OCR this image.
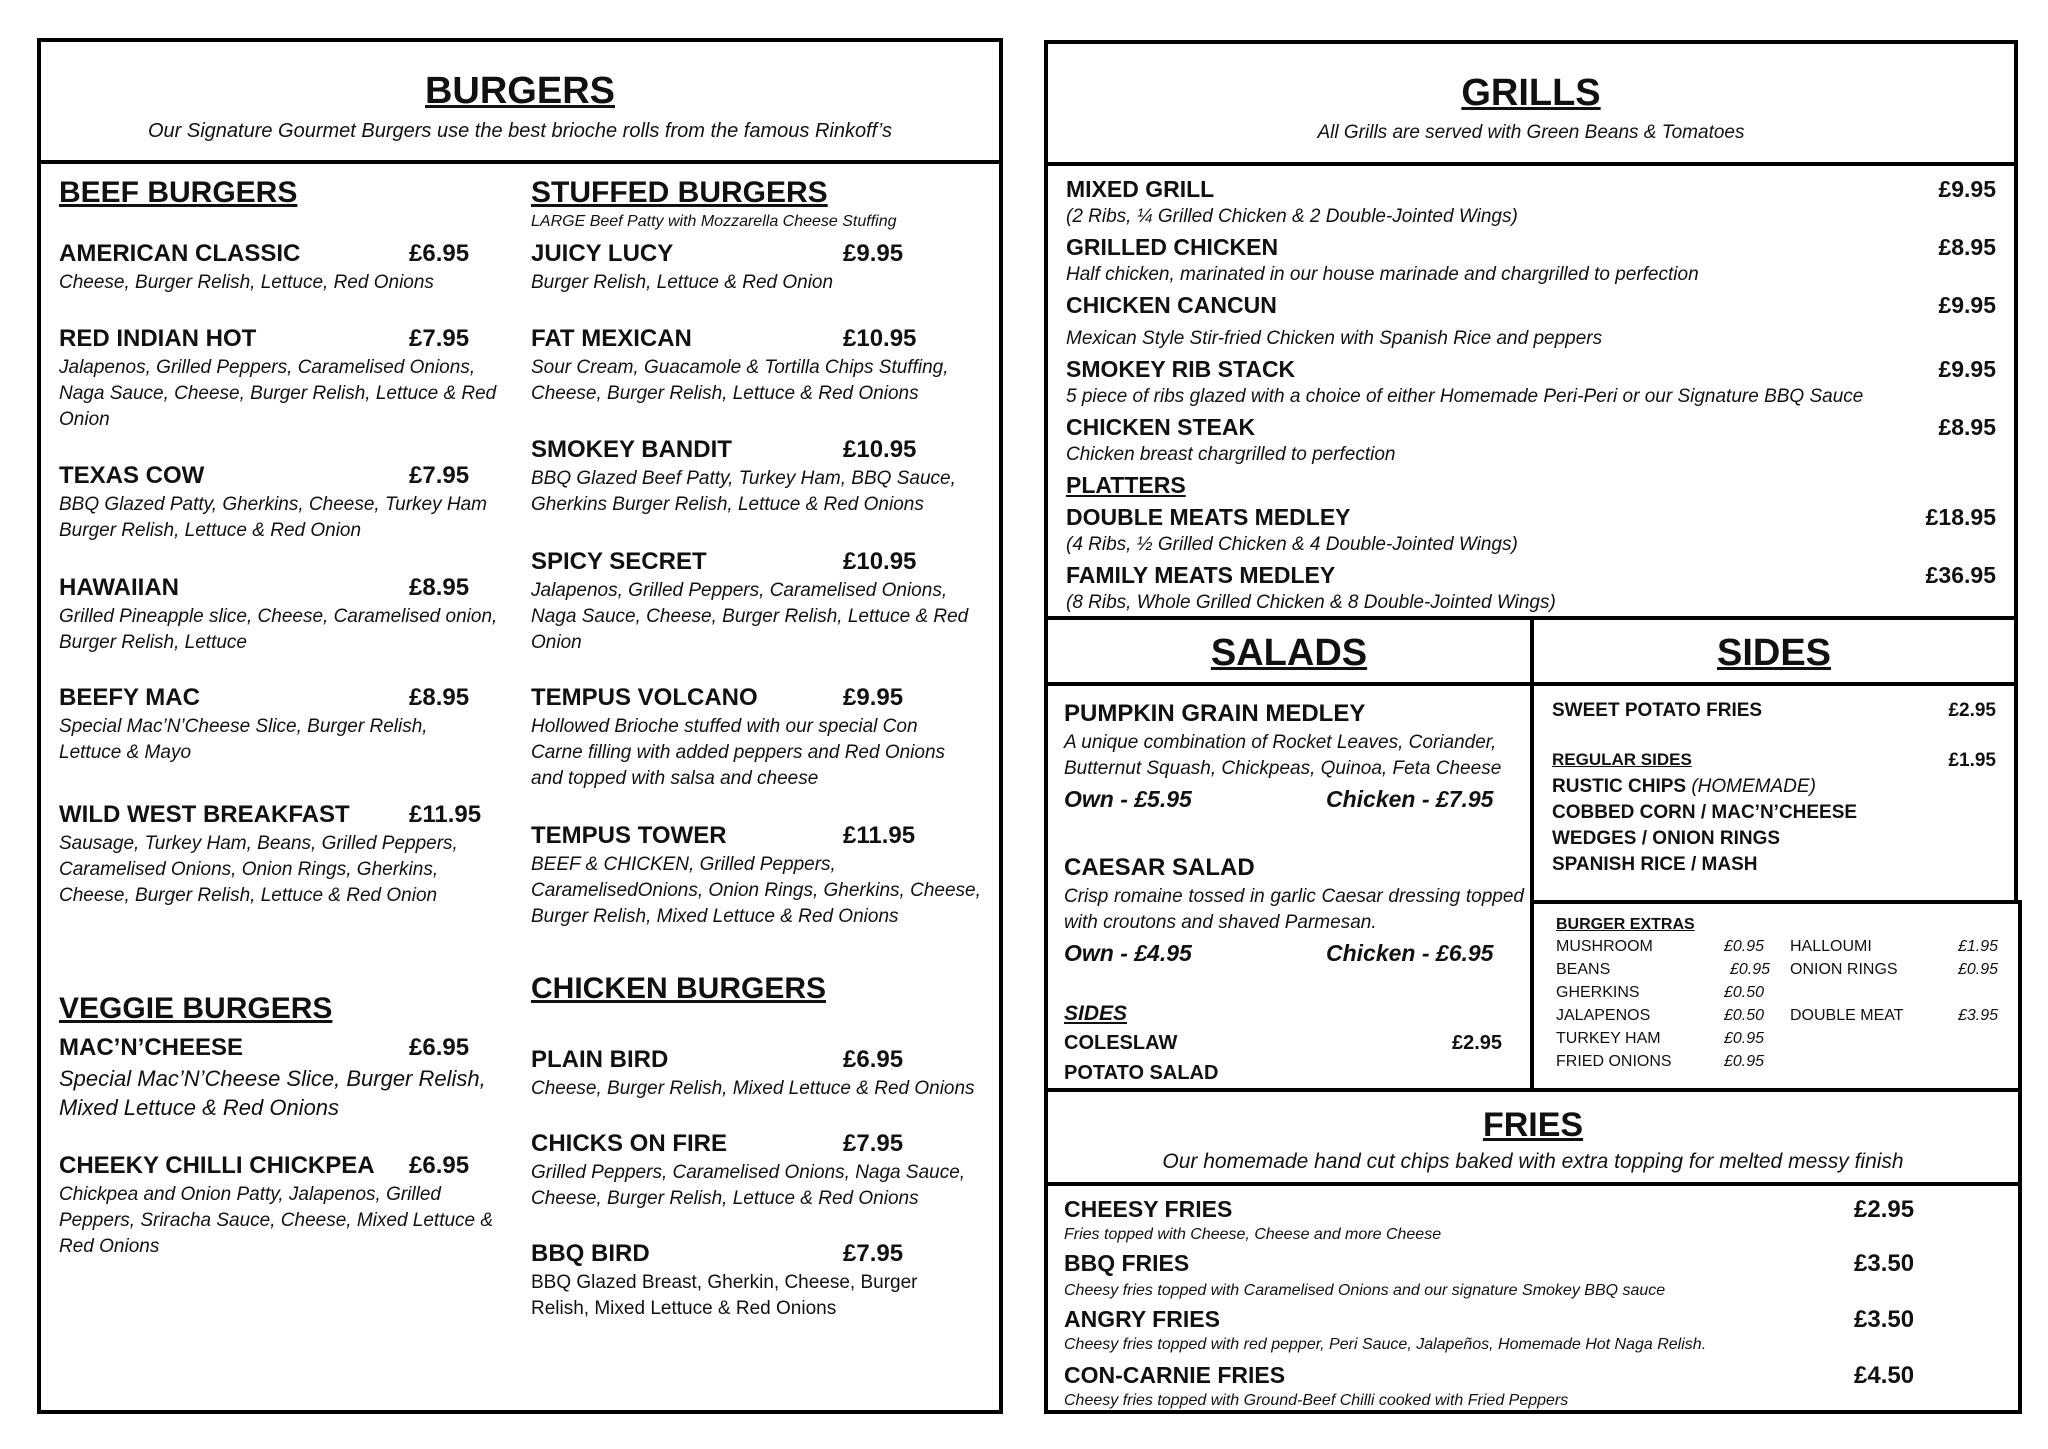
BURGERS
Our Signature Gourmet Burgers use the best brioche rolls from the famous Rinkoff’s
BEEF BURGERS
AMERICAN CLASSIC	£6.95
Cheese, Burger Relish, Lettuce, Red Onions
RED INDIAN HOT	£7.95
Jalapenos, Grilled Peppers, Caramelised Onions, Naga Sauce, Cheese, Burger Relish, Lettuce & Red Onion
TEXAS COW	£7.95
BBQ Glazed Patty, Gherkins, Cheese, Turkey Ham Burger Relish, Lettuce & Red Onion
HAWAIIAN	£8.95
Grilled Pineapple slice, Cheese, Caramelised onion, Burger Relish, Lettuce
BEEFY MAC	£8.95
Special Mac’N’Cheese Slice, Burger Relish, Lettuce & Mayo
WILD WEST BREAKFAST £11.95
Sausage, Turkey Ham, Beans, Grilled Peppers, Caramelised Onions, Onion Rings, Gherkins, Cheese, Burger Relish, Lettuce & Red Onion
VEGGIE BURGERS
MAC’N’CHEESE	£6.95
Special Mac’N’Cheese Slice, Burger Relish, Mixed Lettuce & Red Onions
CHEEKY CHILLI CHICKPEA £6.95
Chickpea and Onion Patty, Jalapenos, Grilled Peppers, Sriracha Sauce, Cheese, Mixed Lettuce & Red Onions
STUFFED BURGERS
LARGE Beef Patty with Mozzarella Cheese Stuffing
JUICY LUCY	£9.95
Burger Relish, Lettuce & Red Onion
FAT MEXICAN	£10.95
Sour Cream, Guacamole & Tortilla Chips Stuffing, Cheese, Burger Relish, Lettuce & Red Onions
SMOKEY BANDIT	£10.95
BBQ Glazed Beef Patty, Turkey Ham, BBQ Sauce, Gherkins Burger Relish, Lettuce & Red Onions
SPICY SECRET	£10.95
Jalapenos, Grilled Peppers, Caramelised Onions, Naga Sauce, Cheese, Burger Relish, Lettuce & Red Onion
TEMPUS VOLCANO	£9.95
Hollowed Brioche stuffed with our special Con Carne filling with added peppers and Red Onions and topped with salsa and cheese
TEMPUS TOWER	£11.95
BEEF & CHICKEN, Grilled Peppers, CaramelisedOnions, Onion Rings, Gherkins, Cheese, Burger Relish, Mixed Lettuce & Red Onions
CHICKEN BURGERS
PLAIN BIRD	£6.95
Cheese, Burger Relish, Mixed Lettuce & Red Onions
CHICKS ON FIRE	£7.95
Grilled Peppers, Caramelised Onions, Naga Sauce, Cheese, Burger Relish, Lettuce & Red Onions
BBQ BIRD	£7.95
BBQ Glazed Breast, Gherkin, Cheese, Burger Relish, Mixed Lettuce & Red Onions
GRILLS
All Grills are served with Green Beans & Tomatoes
MIXED GRILL	£9.95
(2 Ribs, ¼ Grilled Chicken & 2 Double-Jointed Wings)
GRILLED CHICKEN	£8.95
Half chicken, marinated in our house marinade and chargrilled to perfection
CHICKEN CANCUN	£9.95
Mexican Style Stir-fried Chicken with Spanish Rice and peppers
SMOKEY RIB STACK	£9.95
5 piece of ribs glazed with a choice of either Homemade Peri-Peri or our Signature BBQ Sauce
CHICKEN STEAK	£8.95
Chicken breast chargrilled to perfection
PLATTERS
DOUBLE MEATS MEDLEY	£18.95
(4 Ribs, ½ Grilled Chicken & 4 Double-Jointed Wings)
FAMILY MEATS MEDLEY	£36.95
(8 Ribs, Whole Grilled Chicken & 8 Double-Jointed Wings)
SALADS
PUMPKIN GRAIN MEDLEY
A unique combination of Rocket Leaves, Coriander, Butternut Squash, Chickpeas, Quinoa, Feta Cheese
Own - £5.95	Chicken - £7.95
CAESAR SALAD
Crisp romaine tossed in garlic Caesar dressing topped with croutons and shaved Parmesan.
Own - £4.95	Chicken - £6.95
SIDES
COLESLAW	£2.95
POTATO SALAD
SIDES
SWEET POTATO FRIES	£2.95
REGULAR SIDES	£1.95
RUSTIC CHIPS (HOMEMADE)
COBBED CORN / MAC’N’CHEESE
WEDGES / ONION RINGS
SPANISH RICE / MASH
BURGER EXTRAS
MUSHROOM	£0.95
BEANS	£0.95
GHERKINS	£0.50
JALAPENOS	£0.50
TURKEY HAM	£0.95
FRIED ONIONS	£0.95
HALLOUMI	£1.95
ONION RINGS	£0.95
DOUBLE MEAT	£3.95
FRIES
Our homemade hand cut chips baked with extra topping for melted messy finish
CHEESY FRIES	£2.95
Fries topped with Cheese, Cheese and more Cheese
BBQ FRIES	£3.50
Cheesy fries topped with Caramelised Onions and our signature Smokey BBQ sauce
ANGRY FRIES	£3.50
Cheesy fries topped with red pepper, Peri Sauce, Jalapeños, Homemade Hot Naga Relish.
CON-CARNIE FRIES	£4.50
Cheesy fries topped with Ground-Beef Chilli cooked with Fried Peppers
